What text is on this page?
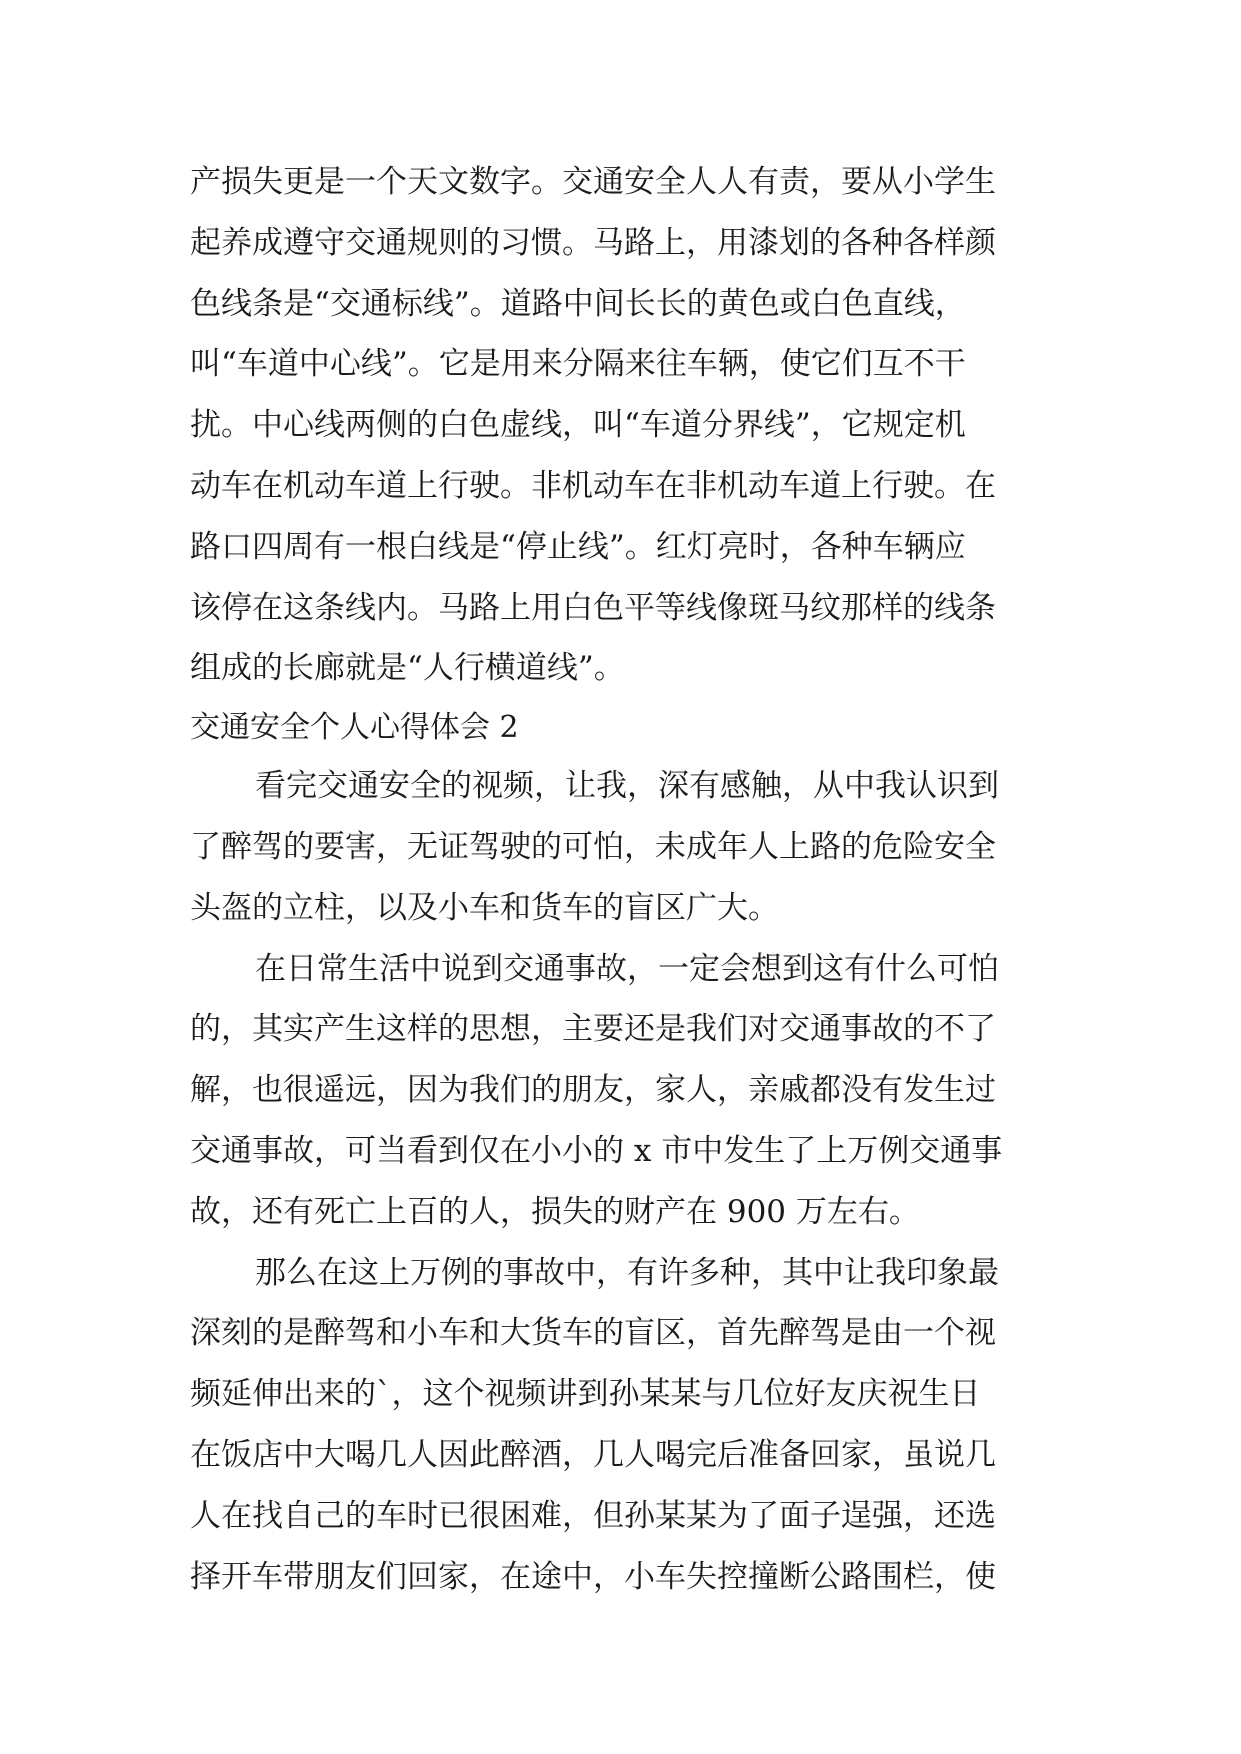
产损失更是一个天文数字。交通安全人人有责，要从小学生
起养成遵守交通规则的习惯。马路上，用漆划的各种各样颜
色线条是“交通标线”。道路中间长长的黄色或白色直线，
叫“车道中心线”。它是用来分隔来往车辆，使它们互不干
扰。中心线两侧的白色虚线，叫“车道分界线”，它规定机
动车在机动车道上行驶。非机动车在非机动车道上行驶。在
路口四周有一根白线是“停止线”。红灯亮时，各种车辆应
该停在这条线内。马路上用白色平等线像斑马纹那样的线条
组成的长廊就是“人行横道线”。
交通安全个人心得体会 2
看完交通安全的视频，让我，深有感触，从中我认识到
了醉驾的要害，无证驾驶的可怕，未成年人上路的危险安全
头盔的立柱，以及小车和货车的盲区广大。
在日常生活中说到交通事故，一定会想到这有什么可怕
的，其实产生这样的思想，主要还是我们对交通事故的不了
解，也很遥远，因为我们的朋友，家人，亲戚都没有发生过
交通事故，可当看到仅在小小的 x 市中发生了上万例交通事
故，还有死亡上百的人，损失的财产在 900 万左右。
那么在这上万例的事故中，有许多种，其中让我印象最
深刻的是醉驾和小车和大货车的盲区，首先醉驾是由一个视
频延伸出来的`，这个视频讲到孙某某与几位好友庆祝生日
在饭店中大喝几人因此醉酒，几人喝完后准备回家，虽说几
人在找自己的车时已很困难，但孙某某为了面子逞强，还选
择开车带朋友们回家，在途中，小车失控撞断公路围栏，使
